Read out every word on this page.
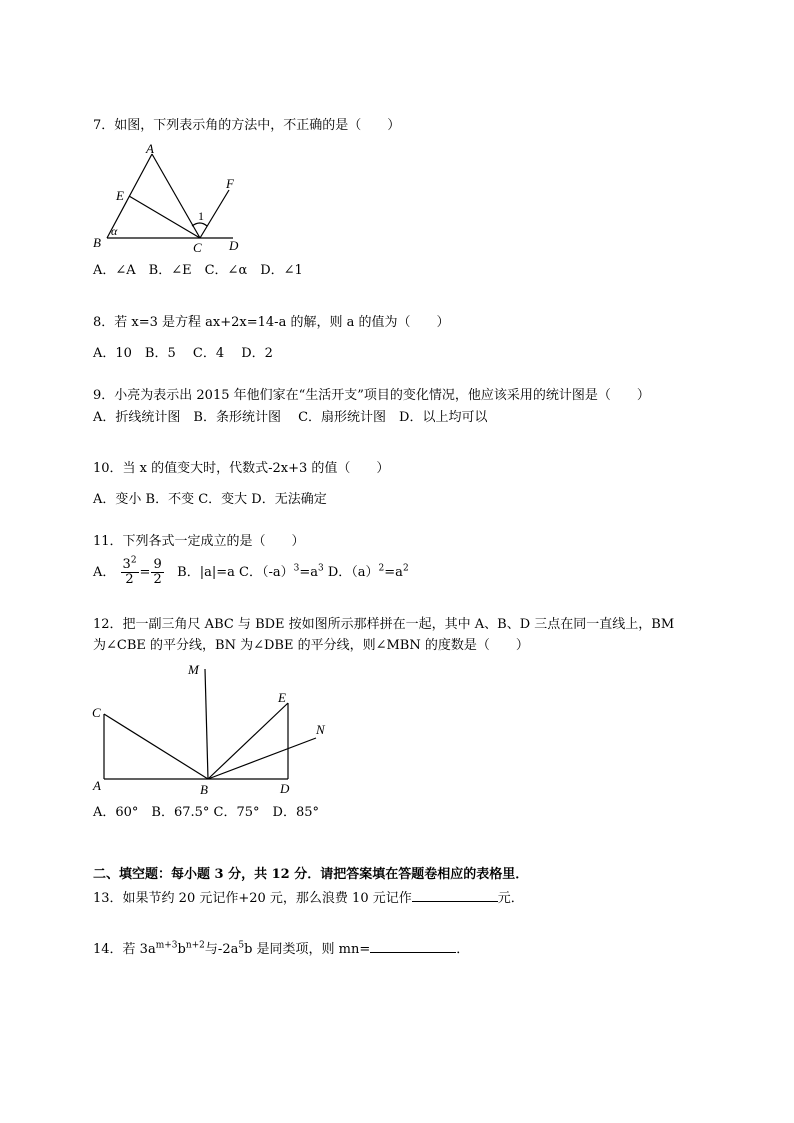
7．如图，下列表示角的方法中，不正确的是（　　）
A
E
F
1
α
B	C D
A．∠A　B．∠E　C．∠α　D．∠1
8．若 x=3 是方程 ax+2x=14-a 的解，则 a 的值为（　　）
A．10　B．5　 C．4　 D．2
9．小亮为表示出 2015 年他们家在“生活开支”项目的变化情况，他应该采用的统计图是（　　）
A．折线统计图　B．条形统计图　 C．扇形统计图　D．以上均可以
10．当 x 的值变大时，代数式-2x+3 的值（　　）
A．变小 B．不变 C．变大 D．无法确定
11．下列各式一定成立的是（　　）
A． $\frac{3^2}{2} = \frac{9}{2}$ B．|a|=a C．$(-a)^3=a^3$ D．$(a)^2=a^2$
12．把一副三角尺 ABC 与 BDE 按如图所示那样拼在一起，其中 A、B、D 三点在同一直线上，BM
为∠CBE 的平分线，BN 为∠DBE 的平分线，则∠MBN 的度数是（　　）
M
C
E
N
A	B	D
A．60°　B．67.5° C．75°　D．85°
二、填空题：每小题 3 分，共 12 分．请把答案填在答题卷相应的表格里．
13．如果节约 20 元记作+20 元，那么浪费 10 元记作	元．
14．若 $3a^{m+3}b^{n+2}$与$-2a^5b$ 是同类项，则 mn=	．
